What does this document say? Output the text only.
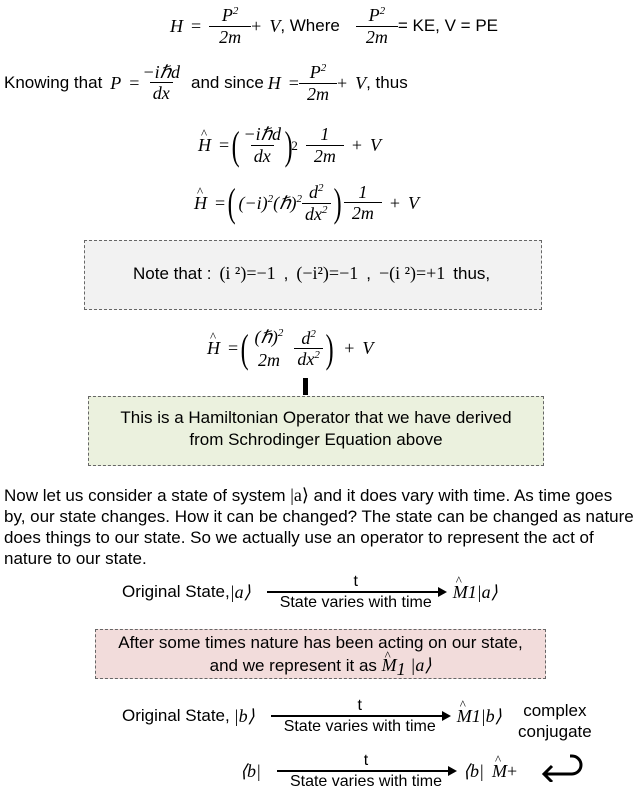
$H = \frac{P^2}{2m} + V$ , Where $\frac{P^2}{2m}$ = KE, V = PE
Knowing that $P = \frac{\text{−iℏd}}{dx}$ and since $H = \frac{P^2}{2m} + V$ , thus
^ H = ( $\frac{\text{−iℏd}}{dx}$ )
$2 \frac{1}{2m} + V$
^ H = ( $(-i)^2$ (ℏ)$^2$ $\frac{d^2}{dx^2}$ ) $\frac{1}{2m} + V$
Note that : (i ²)=−1 , (−i²)=−1 , −(i ²)=+1 thus,
^ H = ( (ℏ)$^2$
$2m \frac{d^2}{dx^2}$ ) + V
This is a Hamiltonian Operator that we have derived
from Schrodinger Equation above
Now let us consider a state of system |a⟩ and it does vary with time. As time goes by, our state changes. How it can be changed? The state can be changed as nature does things to our state. So we actually use an operator to represent the act of nature to our state.
Original State, |a⟩
t
State varies with time
^ M 1 |a⟩
After some times nature has been acting on our state,
and we represent it as ^ $M_1$ |a⟩
Original State, |b⟩
t
State varies with time
^ M 1 |b⟩	complex
conjugate
⟨b|
t
State varies with time
⟨b| ^ M +
